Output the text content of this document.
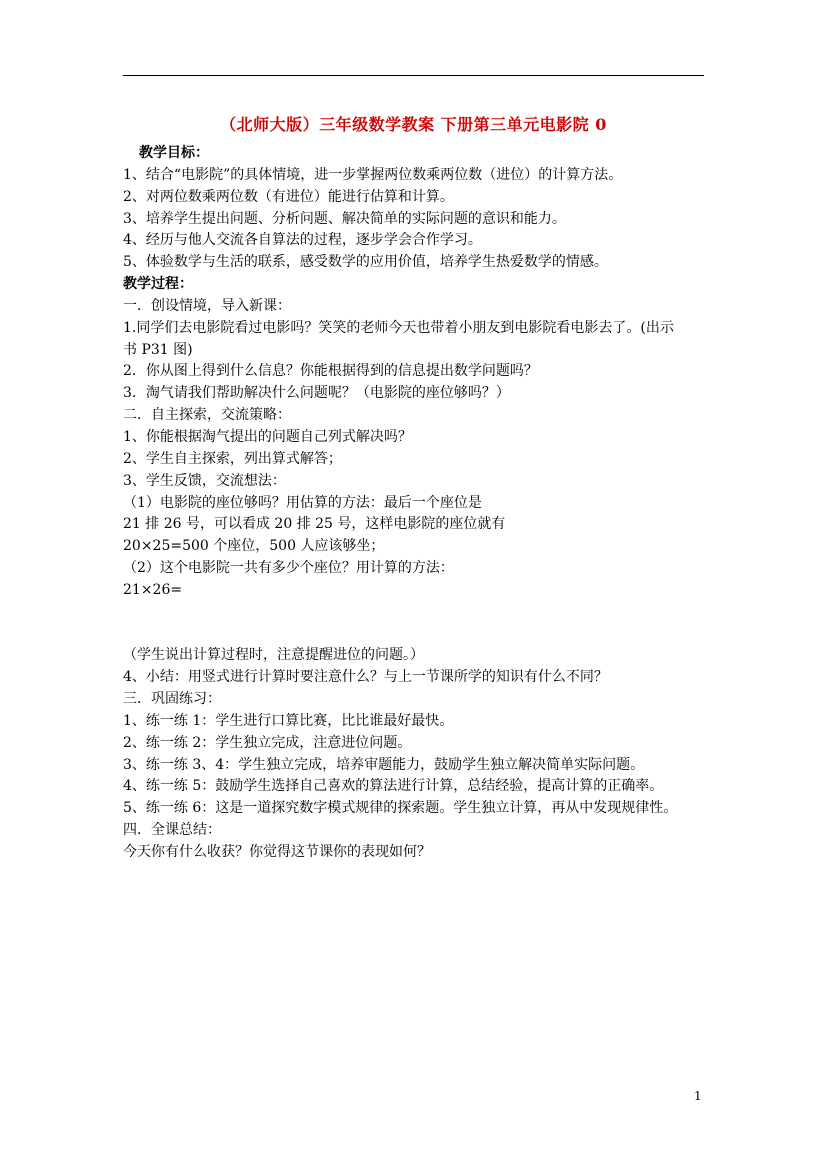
（北师大版）三年级数学教案 下册第三单元电影院 0
教学目标：
1、结合“电影院”的具体情境，进一步掌握两位数乘两位数（进位）的计算方法。
2、对两位数乘两位数（有进位）能进行估算和计算。
3、培养学生提出问题、分析问题、解决简单的实际问题的意识和能力。
4、经历与他人交流各自算法的过程，逐步学会合作学习。
5、体验数学与生活的联系，感受数学的应用价值，培养学生热爱数学的情感。
教学过程：
一．创设情境，导入新课：
1.同学们去电影院看过电影吗？笑笑的老师今天也带着小朋友到电影院看电影去了。(出示
书 P31 图)
2．你从图上得到什么信息？你能根据得到的信息提出数学问题吗？
3．淘气请我们帮助解决什么问题呢？（电影院的座位够吗？）
二．自主探索，交流策略：
1、你能根据淘气提出的问题自己列式解决吗？
2、学生自主探索，列出算式解答；
3、学生反馈，交流想法：
（1）电影院的座位够吗？用估算的方法：最后一个座位是
21 排 26 号，可以看成 20 排 25 号，这样电影院的座位就有
20×25=500 个座位，500 人应该够坐；
（2）这个电影院一共有多少个座位？用计算的方法：
21×26=
（学生说出计算过程时，注意提醒进位的问题。）
4、小结：用竖式进行计算时要注意什么？与上一节课所学的知识有什么不同？
三．巩固练习：
1、练一练 1：学生进行口算比赛，比比谁最好最快。
2、练一练 2：学生独立完成，注意进位问题。
3、练一练 3、4：学生独立完成，培养审题能力，鼓励学生独立解决简单实际问题。
4、练一练 5：鼓励学生选择自己喜欢的算法进行计算，总结经验，提高计算的正确率。
5、练一练 6：这是一道探究数字模式规律的探索题。学生独立计算，再从中发现规律性。
四．全课总结：
今天你有什么收获？你觉得这节课你的表现如何？
1
